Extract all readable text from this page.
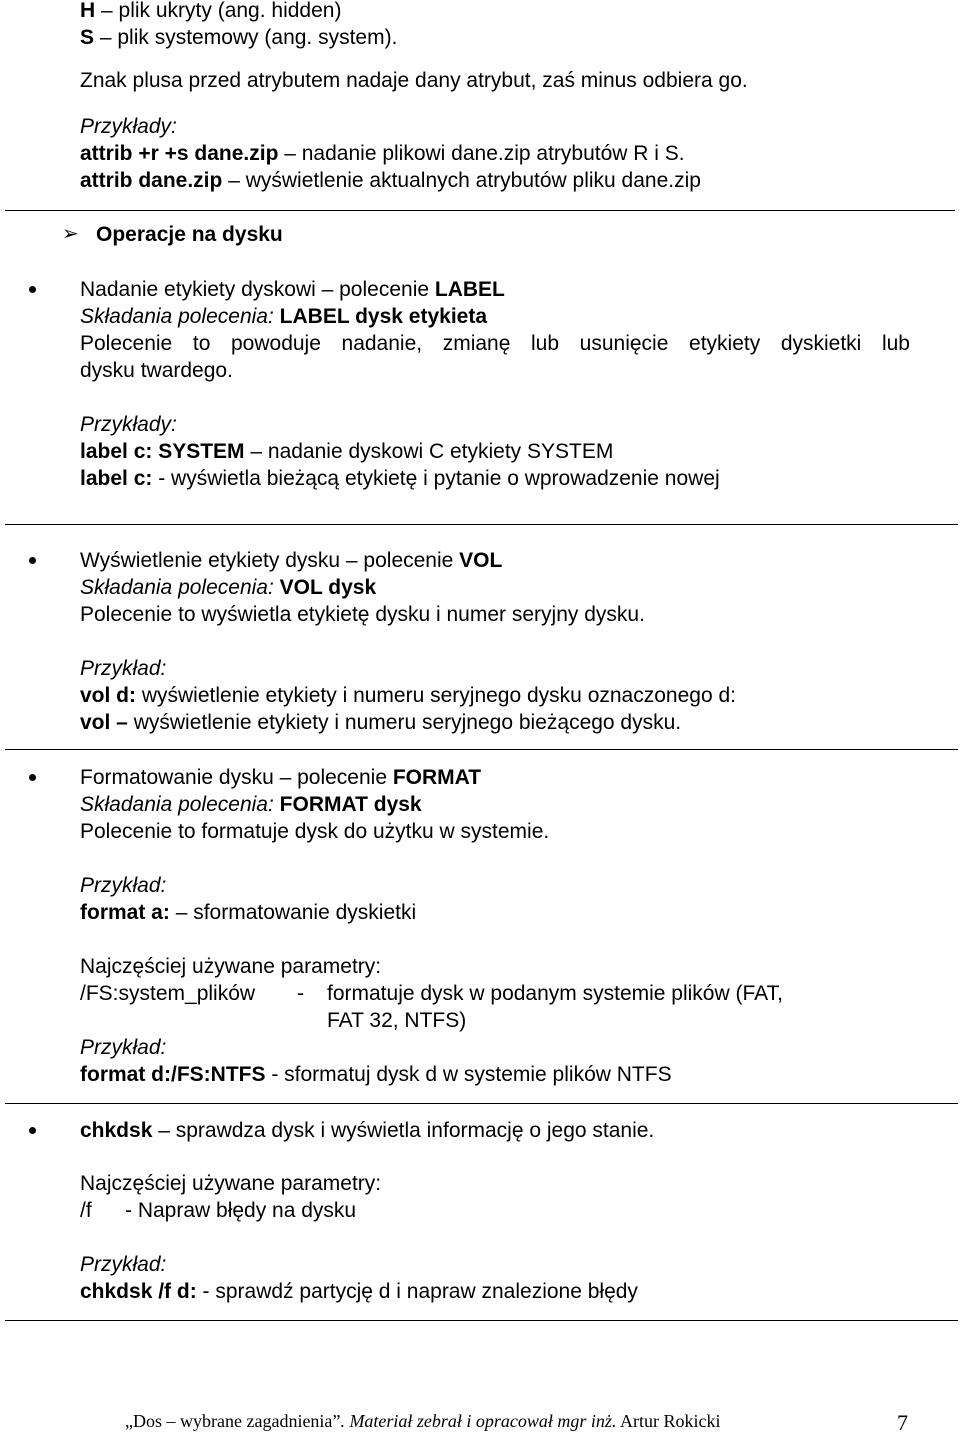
H – plik ukryty (ang. hidden)
S – plik systemowy (ang. system).
Znak plusa przed atrybutem nadaje dany atrybut, zaś minus odbiera go.
Przykłady:
attrib +r +s dane.zip – nadanie plikowi dane.zip atrybutów R i S.
attrib dane.zip – wyświetlenie aktualnych atrybutów pliku dane.zip
➢ Operacje na dysku
Nadanie etykiety dyskowi – polecenie LABEL
Składania polecenia: LABEL dysk etykieta
Polecenie to powoduje nadanie, zmianę lub usunięcie etykiety dyskietki lub
dysku twardego.
Przykłady:
label c: SYSTEM – nadanie dyskowi C etykiety SYSTEM
label c: - wyświetla bieżącą etykietę i pytanie o wprowadzenie nowej
Wyświetlenie etykiety dysku – polecenie VOL
Składania polecenia: VOL dysk
Polecenie to wyświetla etykietę dysku i numer seryjny dysku.
Przykład:
vol d: wyświetlenie etykiety i numeru seryjnego dysku oznaczonego d:
vol – wyświetlenie etykiety i numeru seryjnego bieżącego dysku.
Formatowanie dysku – polecenie FORMAT
Składania polecenia: FORMAT dysk
Polecenie to formatuje dysk do użytku w systemie.
Przykład:
format a: – sformatowanie dyskietki
Najczęściej używane parametry:
/FS:system_plików - formatuje dysk w podanym systemie plików (FAT,
FAT 32, NTFS)
Przykład:
format d:/FS:NTFS - sformatuj dysk d w systemie plików NTFS
chkdsk – sprawdza dysk i wyświetla informację o jego stanie.
Najczęściej używane parametry:
/f - Napraw błędy na dysku
Przykład:
chkdsk /f d: - sprawdź partycję d i napraw znalezione błędy
„Dos – wybrane zagadnienia”. Materiał zebrał i opracował mgr inż. Artur Rokicki	7
